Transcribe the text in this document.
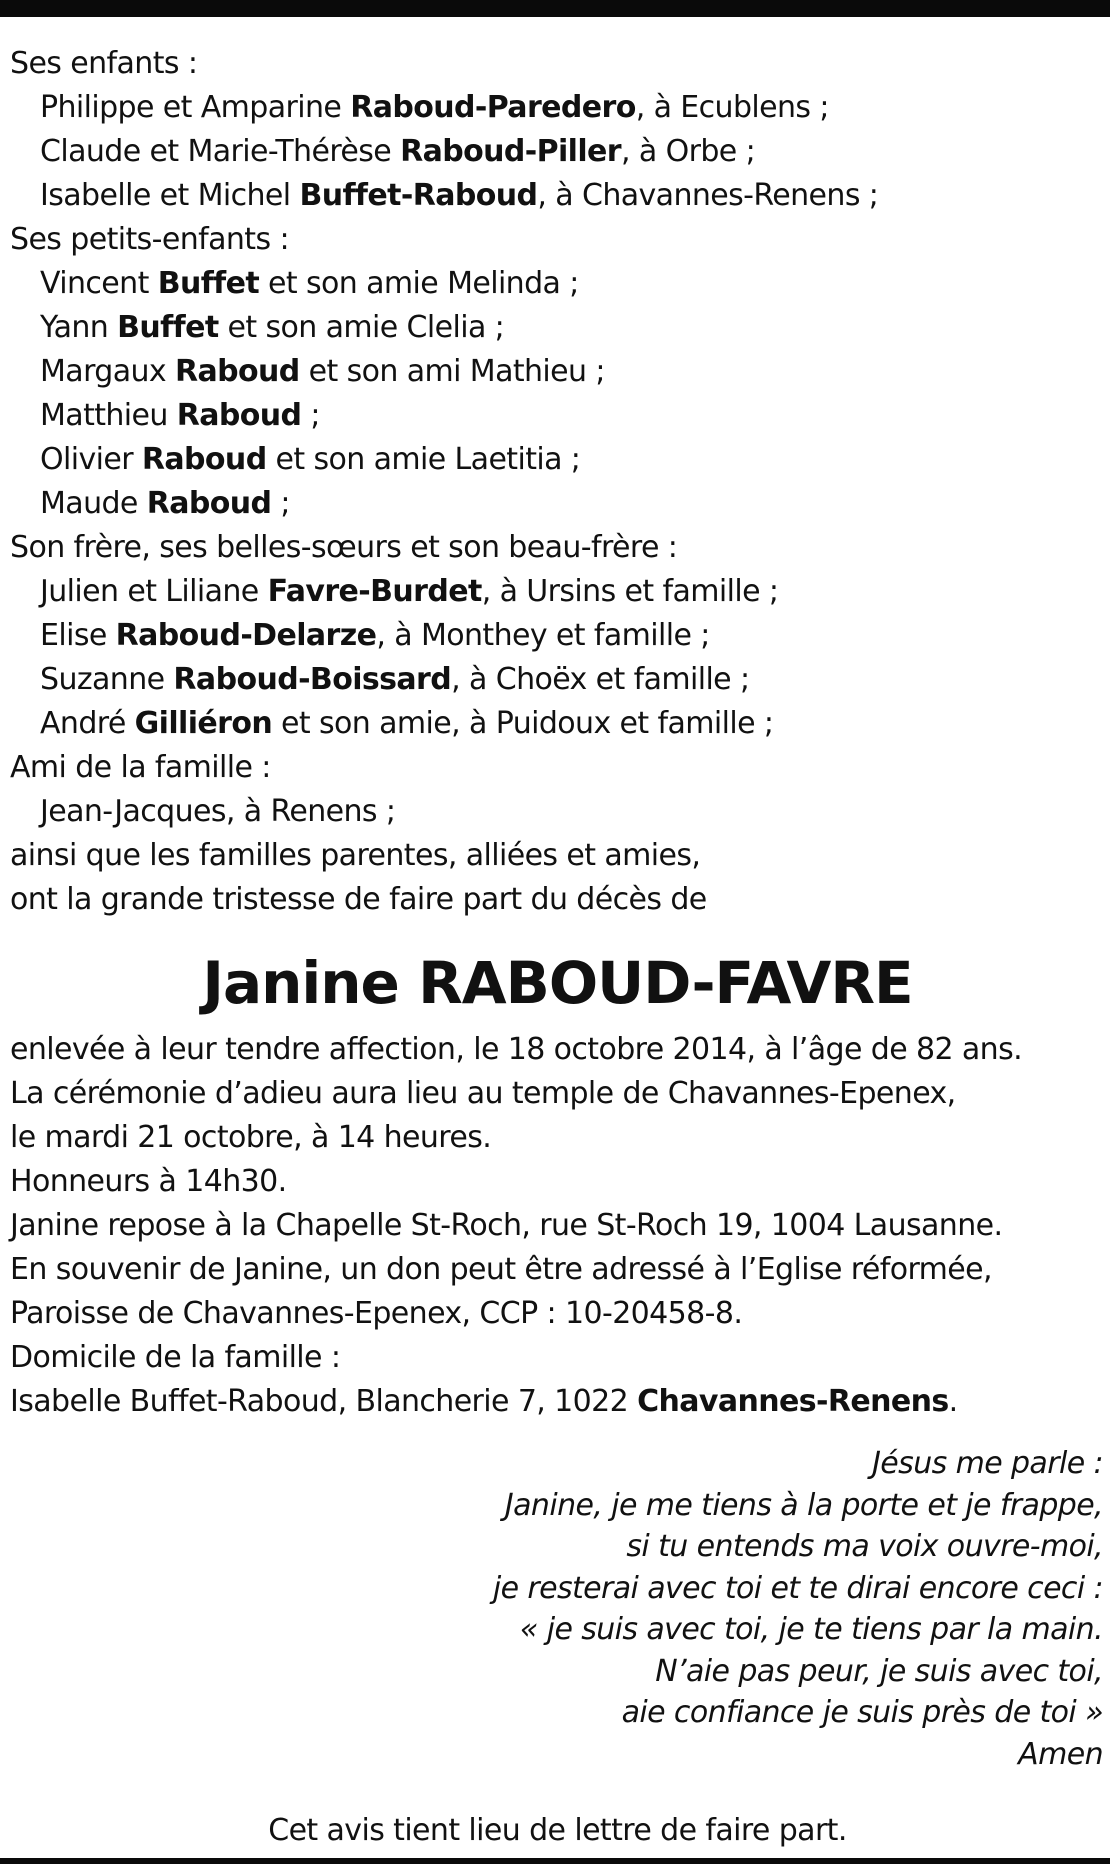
Ses enfants :
Philippe et Amparine Raboud-Paredero, à Ecublens ;
Claude et Marie-Thérèse Raboud-Piller, à Orbe ;
Isabelle et Michel Buffet-Raboud, à Chavannes-Renens ;
Ses petits-enfants :
Vincent Buffet et son amie Melinda ;
Yann Buffet et son amie Clelia ;
Margaux Raboud et son ami Mathieu ;
Matthieu Raboud ;
Olivier Raboud et son amie Laetitia ;
Maude Raboud ;
Son frère, ses belles-sœurs et son beau-frère :
Julien et Liliane Favre-Burdet, à Ursins et famille ;
Elise Raboud-Delarze, à Monthey et famille ;
Suzanne Raboud-Boissard, à Choëx et famille ;
André Gilliéron et son amie, à Puidoux et famille ;
Ami de la famille :
Jean-Jacques, à Renens ;
ainsi que les familles parentes, alliées et amies,
ont la grande tristesse de faire part du décès de
Janine RABOUD-FAVRE
enlevée à leur tendre affection, le 18 octobre 2014, à l’âge de 82 ans.
La cérémonie d’adieu aura lieu au temple de Chavannes-Epenex,
le mardi 21 octobre, à 14 heures.
Honneurs à 14h30.
Janine repose à la Chapelle St-Roch, rue St-Roch 19, 1004 Lausanne.
En souvenir de Janine, un don peut être adressé à l’Eglise réformée,
Paroisse de Chavannes-Epenex, CCP : 10-20458-8.
Domicile de la famille :
Isabelle Buffet-Raboud, Blancherie 7, 1022 Chavannes-Renens.
Jésus me parle :
Janine, je me tiens à la porte et je frappe,
si tu entends ma voix ouvre-moi,
je resterai avec toi et te dirai encore ceci :
« je suis avec toi, je te tiens par la main.
N’aie pas peur, je suis avec toi,
aie confiance je suis près de toi »
Amen
Cet avis tient lieu de lettre de faire part.
